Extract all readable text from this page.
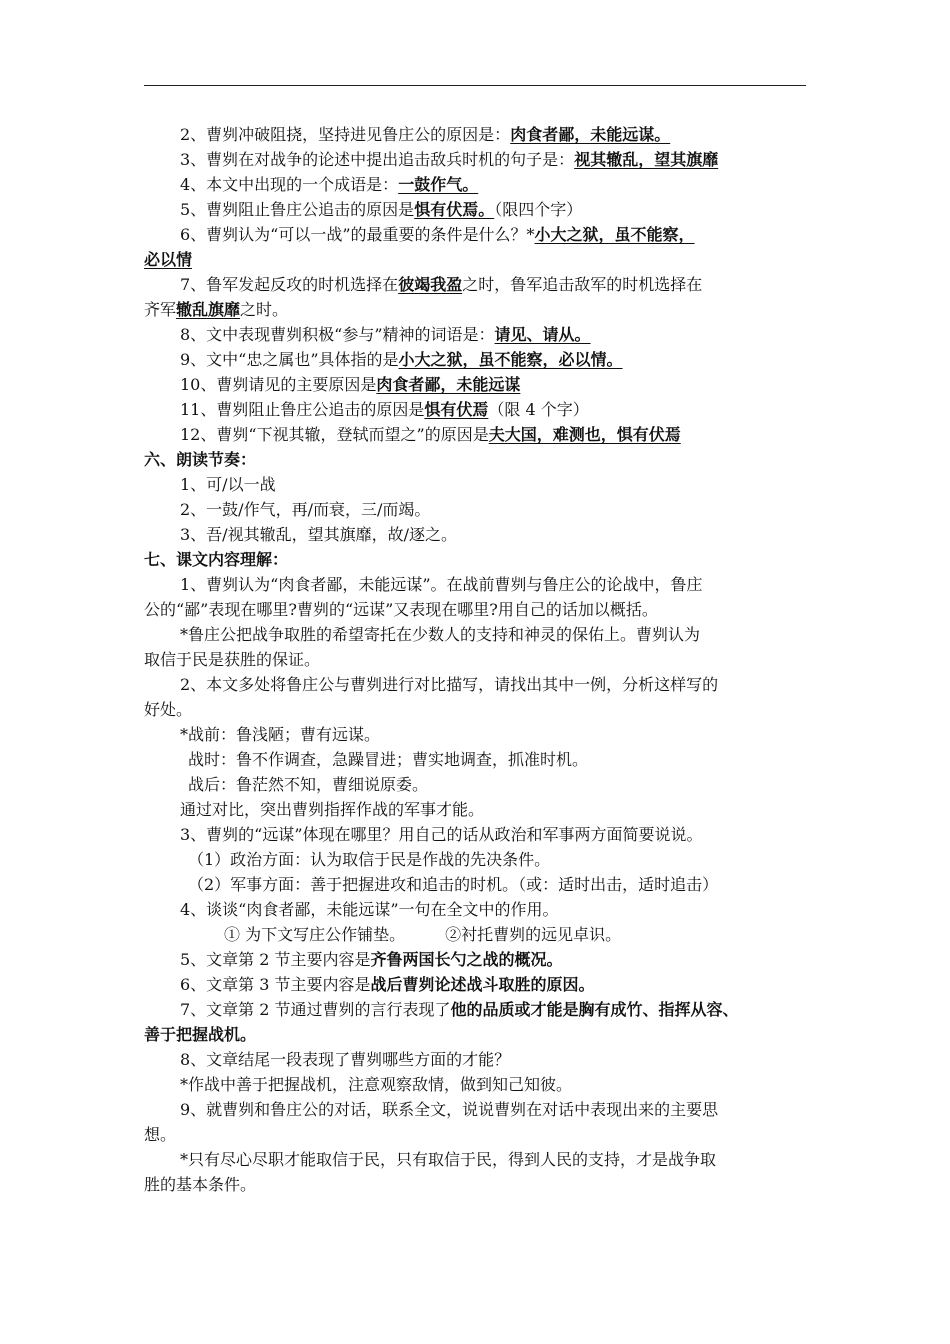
2、曹刿冲破阻挠，坚持进见鲁庄公的原因是：肉食者鄙，未能远谋。
3、曹刿在对战争的论述中提出追击敌兵时机的句子是：视其辙乱，望其旗靡
4、本文中出现的一个成语是：一鼓作气。
5、曹刿阻止鲁庄公追击的原因是惧有伏焉。（限四个字）
6、曹刿认为“可以一战”的最重要的条件是什么？*小大之狱，虽不能察，
必以情
7、鲁军发起反攻的时机选择在彼竭我盈之时，鲁军追击敌军的时机选择在
齐军辙乱旗靡之时。
8、文中表现曹刿积极“参与”精神的词语是：请见、请从。
9、文中“忠之属也”具体指的是小大之狱，虽不能察，必以情。
10、曹刿请见的主要原因是肉食者鄙，未能远谋
11、曹刿阻止鲁庄公追击的原因是惧有伏焉（限 4 个字）
12、曹刿“下视其辙，登轼而望之”的原因是夫大国，难测也，惧有伏焉
六、朗读节奏：
1、可/以一战
2、一鼓/作气，再/而衰，三/而竭。
3、吾/视其辙乱，望其旗靡，故/逐之。
七、课文内容理解：
1、曹刿认为“肉食者鄙，未能远谋”。在战前曹刿与鲁庄公的论战中，鲁庄
公的“鄙”表现在哪里?曹刿的“远谋”又表现在哪里?用自己的话加以概括。
*鲁庄公把战争取胜的希望寄托在少数人的支持和神灵的保佑上。曹刿认为
取信于民是获胜的保证。
2、本文多处将鲁庄公与曹刿进行对比描写，请找出其中一例，分析这样写的
好处。
*战前：鲁浅陋；曹有远谋。
战时：鲁不作调查，急躁冒进；曹实地调查，抓准时机。
战后：鲁茫然不知，曹细说原委。
通过对比，突出曹刿指挥作战的军事才能。
3、曹刿的“远谋”体现在哪里？用自己的话从政治和军事两方面简要说说。
（1）政治方面：认为取信于民是作战的先决条件。
（2）军事方面：善于把握进攻和追击的时机。（或：适时出击，适时追击）
4、谈谈“肉食者鄙，未能远谋”一句在全文中的作用。
① 为下文写庄公作铺垫。　　　②衬托曹刿的远见卓识。
5、文章第 2 节主要内容是齐鲁两国长勺之战的概况。
6、文章第 3 节主要内容是战后曹刿论述战斗取胜的原因。
7、文章第 2 节通过曹刿的言行表现了他的品质或才能是胸有成竹、指挥从容、
善于把握战机。
8、文章结尾一段表现了曹刿哪些方面的才能？
*作战中善于把握战机，注意观察敌情，做到知己知彼。
9、就曹刿和鲁庄公的对话，联系全文，说说曹刿在对话中表现出来的主要思
想。
*只有尽心尽职才能取信于民，只有取信于民，得到人民的支持，才是战争取
胜的基本条件。
